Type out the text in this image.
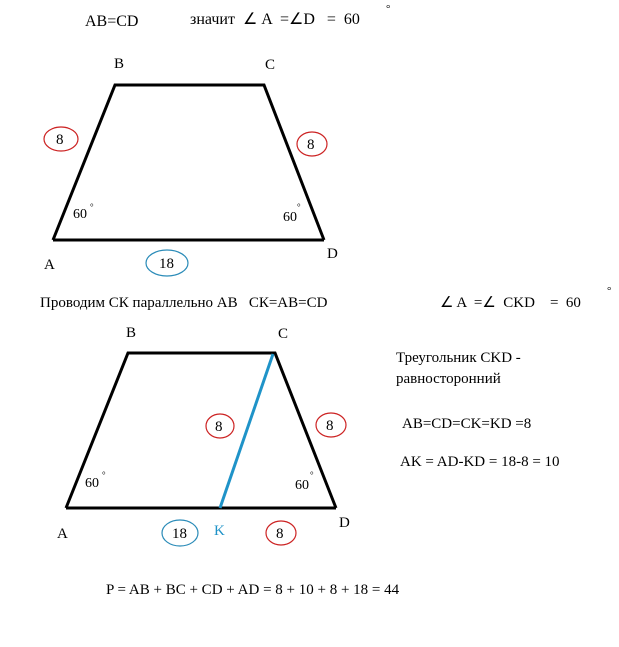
AB=CD	значит  ∠ A  =∠D   =  60
°
B	C
A
D
8	8
18
60 °
60
°
Проводим СК параллельно АВ   СК=АВ=CD	∠ A  =∠  CKD    =  60
°
B	C
A
D
K
8	8
18	8
60
°
60
°
Треугольник CKD -
равносторонний
AB=CD=CK=KD =8
AK = AD-KD = 18-8 = 10
P = AB + BC + CD + AD = 8 + 10 + 8 + 18 = 44
